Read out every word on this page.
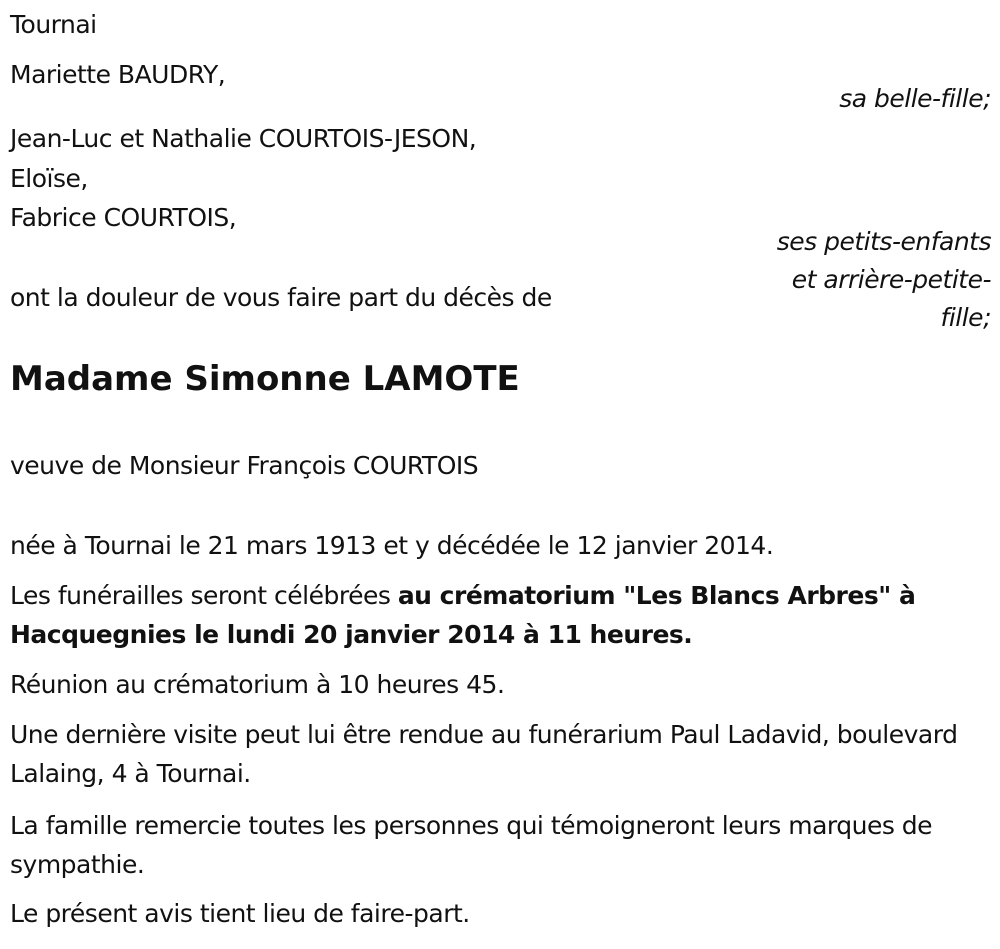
Tournai
Mariette BAUDRY,
sa belle-fille;
Jean-Luc et Nathalie COURTOIS-JESON,
Eloïse,
Fabrice COURTOIS,
ses petits-enfants
et arrière-petite-
fille;
ont la douleur de vous faire part du décès de
Madame Simonne LAMOTE
veuve de Monsieur François COURTOIS
née à Tournai le 21 mars 1913 et y décédée le 12 janvier 2014.
Les funérailles seront célébrées au crématorium "Les Blancs Arbres" à Hacquegnies le lundi 20 janvier 2014 à 11 heures.
Réunion au crématorium à 10 heures 45.
Une dernière visite peut lui être rendue au funérarium Paul Ladavid, boulevard Lalaing, 4 à Tournai.
La famille remercie toutes les personnes qui témoigneront leurs marques de sympathie.
Le présent avis tient lieu de faire-part.
